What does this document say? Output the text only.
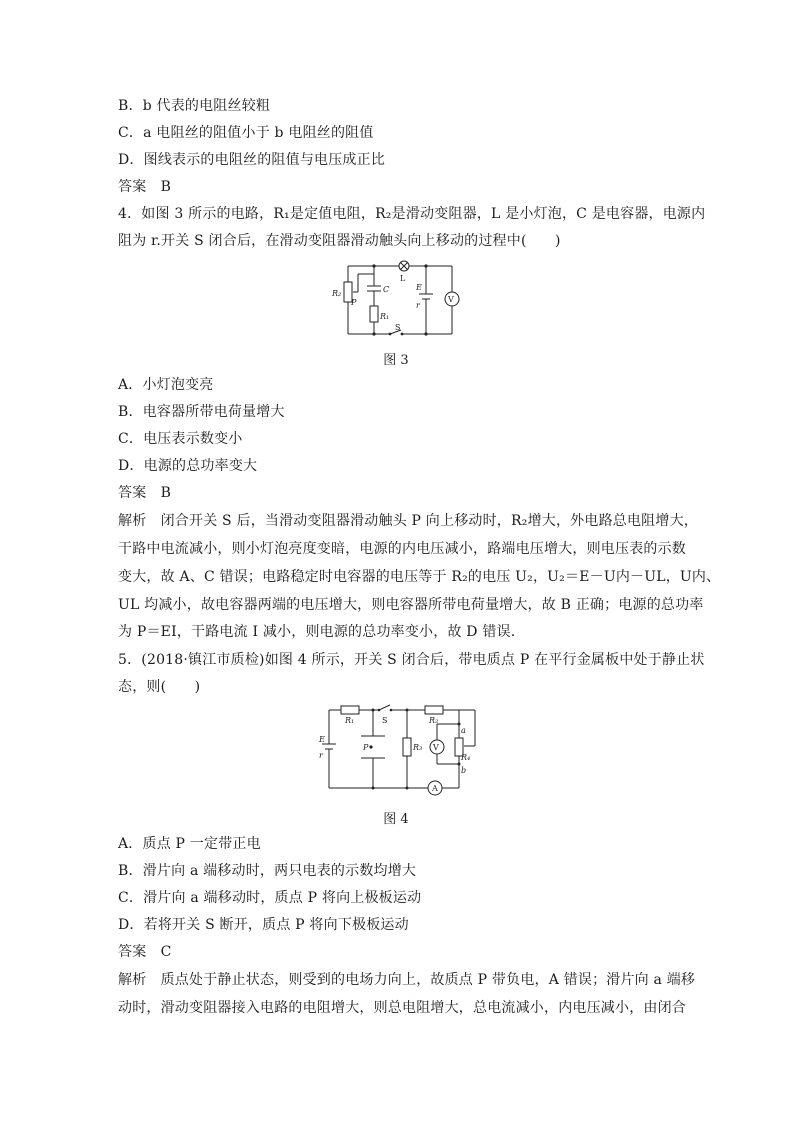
B．b 代表的电阻丝较粗
C．a 电阻丝的阻值小于 b 电阻丝的阻值
D．图线表示的电阻丝的阻值与电压成正比
答案　B
4．如图 3 所示的电路，R₁是定值电阻，R₂是滑动变阻器，L 是小灯泡，C 是电容器，电源内
阻为 r.开关 S 闭合后，在滑动变阻器滑动触头向上移动的过程中(　　)
R₂
P
C
R₁
E
r
S
L
V
图 3
A．小灯泡变亮
B．电容器所带电荷量增大
C．电压表示数变小
D．电源的总功率变大
答案　B
解析　闭合开关 S 后，当滑动变阻器滑动触头 P 向上移动时，R₂增大，外电路总电阻增大，
干路中电流减小，则小灯泡亮度变暗，电源的内电压减小，路端电压增大，则电压表的示数
变大，故 A、C 错误；电路稳定时电容器的电压等于 R₂的电压 U₂，U₂＝E－U内－UL，U内、
UL 均减小，故电容器两端的电压增大，则电容器所带电荷量增大，故 B 正确；电源的总功率
为 P＝EI，干路电流 I 减小，则电源的总功率变小，故 D 错误.
5．(2018·镇江市质检)如图 4 所示，开关 S 闭合后，带电质点 P 在平行金属板中处于静止状
态，则(　　)
R₁	R₂
a
E
r
P	R₃
R₄
b
S
V
A
图 4
A．质点 P 一定带正电
B．滑片向 a 端移动时，两只电表的示数均增大
C．滑片向 a 端移动时，质点 P 将向上极板运动
D．若将开关 S 断开，质点 P 将向下极板运动
答案　C
解析　质点处于静止状态，则受到的电场力向上，故质点 P 带负电，A 错误；滑片向 a 端移
动时，滑动变阻器接入电路的电阻增大，则总电阻增大，总电流减小，内电压减小，由闭合
